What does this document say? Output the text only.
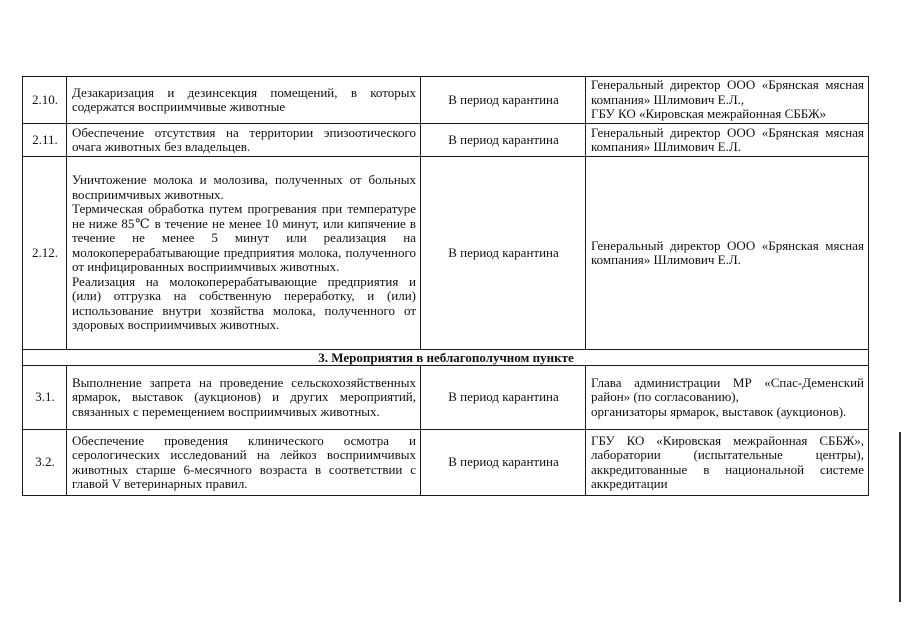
2.10.	Дезакаризация и дезинсекция помещений, в которых содержатся восприимчивые животные	В период карантина	Генеральный директор ООО «Брянская мясная компания» Шлимович Е.Л.,

ГБУ КО «Кировская межрайонная СББЖ»

2.11.	Обеспечение отсутствия на территории эпизоотического очага животных без владельцев.	В период карантина	Генеральный директор ООО «Брянская мясная компания» Шлимович Е.Л.

2.12.	Уничтожение молока и молозива, полученных от больных восприимчивых животных.

Термическая обработка путем прогревания при температуре не ниже 85℃ в течение не менее 10 минут, или кипячение в течение не менее 5 минут или реализация на молокоперерабатывающие предприятия молока, полученного от инфицированных восприимчивых животных.

Реализация на молокоперерабатывающие предприятия и (или) отгрузка на собственную переработку, и (или) использование внутри хозяйства молока, полученного от здоровых восприимчивых животных.	В период карантина	Генеральный директор ООО «Брянская мясная компания» Шлимович Е.Л.

3. Мероприятия в неблагополучном пункте			
3.1.	Выполнение запрета на проведение сельскохозяйственных ярмарок, выставок (аукционов) и других мероприятий, связанных с перемещением восприимчивых животных.	В период карантина	Глава администрации МР «Спас-Деменский район» (по согласованию),

организаторы ярмарок, выставок (аукционов).

3.2.	Обеспечение проведения клинического осмотра и серологических исследований на лейкоз восприимчивых животных старше 6-месячного возраста в соответствии с главой V ветеринарных правил.	В период карантина	ГБУ КО «Кировская межрайонная СББЖ», лаборатории (испытательные центры), аккредитованные в национальной системе аккредитации
